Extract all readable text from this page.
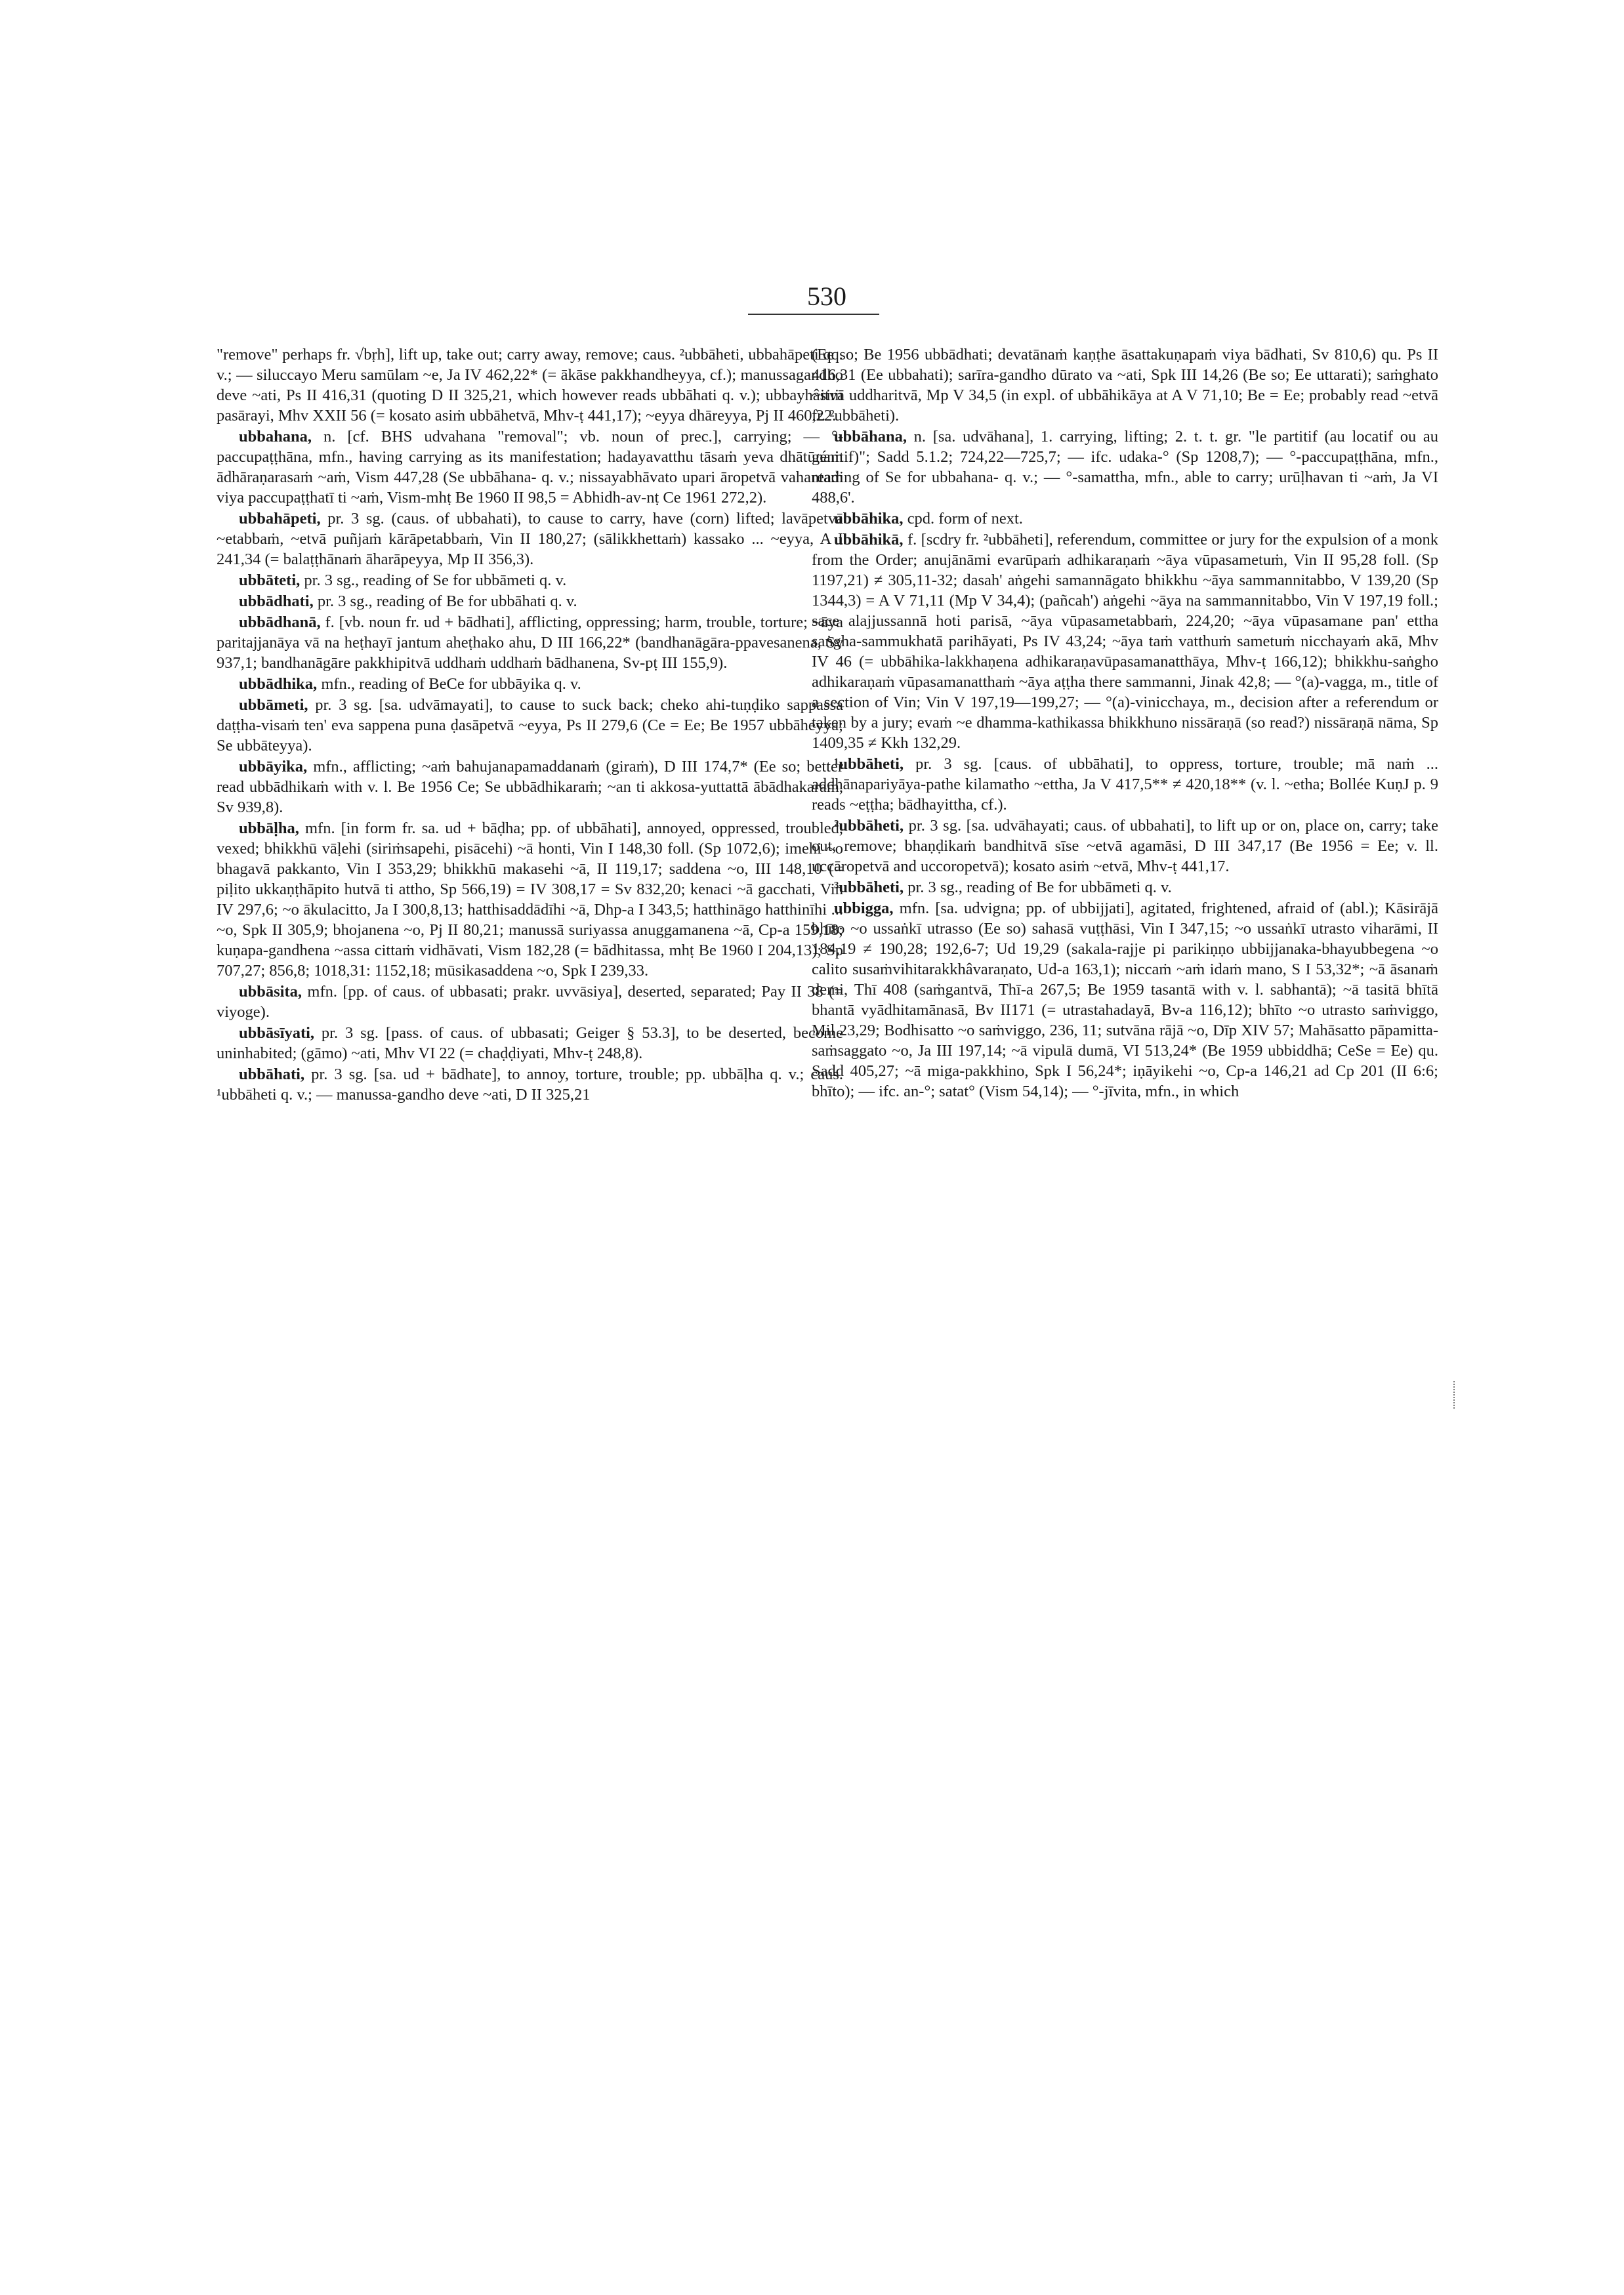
530

"remove" perhaps fr. √bṛh], lift up, take out; carry away, remove; caus. ²ubbāheti, ubbahāpeti qq. v.; — siluccayo Meru samūlam ~e, Ja IV 462,22* (= ākāse pakkhandheyya, cf.); manussagandho deve ~ati, Ps II 416,31 (quoting D II 325,21, which however reads ubbāhati q. v.); ubbayhâsiṁ pasārayi, Mhv XXII 56 (= kosato asiṁ ubbāhetvā, Mhv-ṭ 441,17); ~eyya dhāreyya, Pj II 460,22.

ubbahana, n. [cf. BHS udvahana "removal"; vb. noun of prec.], carrying; — °-paccupaṭṭhāna, mfn., having carrying as its manifestation; hadayavatthu tāsaṁ yeva dhātūnaṁ ādhāraṇarasaṁ ~aṁ, Vism 447,28 (Se ubbāhana- q. v.; nissayabhāvato upari āropetvā vahantaṁ viya paccupaṭṭhatī ti ~aṁ, Vism-mhṭ Be 1960 II 98,5 = Abhidh-av-nṭ Ce 1961 272,2).

ubbahāpeti, pr. 3 sg. (caus. of ubbahati), to cause to carry, have (corn) lifted; lavāpetvā ~etabbaṁ, ~etvā puñjaṁ kārāpetabbaṁ, Vin II 180,27; (sālikkhettaṁ) kassako ... ~eyya, A I 241,34 (= balaṭṭhānaṁ āharāpeyya, Mp II 356,3).

ubbāteti, pr. 3 sg., reading of Se for ubbāmeti q. v.

ubbādhati, pr. 3 sg., reading of Be for ubbāhati q. v.

ubbādhanā, f. [vb. noun fr. ud + bādhati], afflicting, oppressing; harm, trouble, torture; ~āya paritajjanāya vā na heṭhayī jantum aheṭhako ahu, D III 166,22* (bandhanāgāra-ppavesanena, Sv 937,1; bandhanāgāre pakkhipitvā uddhaṁ uddhaṁ bādhanena, Sv-pṭ III 155,9).

ubbādhika, mfn., reading of BeCe for ubbāyika q. v.

ubbāmeti, pr. 3 sg. [sa. udvāmayati], to cause to suck back; cheko ahi-tuṇḍiko sappassa daṭṭha-visaṁ ten' eva sappena puna ḍasāpetvā ~eyya, Ps II 279,6 (Ce = Ee; Be 1957 ubbāheyya; Se ubbāteyya).

ubbāyika, mfn., afflicting; ~aṁ bahujanapamaddanaṁ (giraṁ), D III 174,7* (Ee so; better read ubbādhikaṁ with v. l. Be 1956 Ce; Se ubbādhikaraṁ; ~an ti akkosa-yuttattā ābādhakaraṁ, Sv 939,8).

ubbāḷha, mfn. [in form fr. sa. ud + bāḍha; pp. of ubbāhati], annoyed, oppressed, troubled, vexed; bhikkhū vāḷehi (siriṁsapehi, pisācehi) ~ā honti, Vin I 148,30 foll. (Sp 1072,6); imehi ~o bhagavā pakkanto, Vin I 353,29; bhikkhū makasehi ~ā, II 119,17; saddena ~o, III 148,10 (= piḷito ukkaṇṭhāpito hutvā ti attho, Sp 566,19) = IV 308,17 = Sv 832,20; kenaci ~ā gacchati, Vin IV 297,6; ~o ākulacitto, Ja I 300,8,13; hatthisaddādīhi ~ā, Dhp-a I 343,5; hatthināgo hatthinīhi ... ~o, Spk II 305,9; bhojanena ~o, Pj II 80,21; manussā suriyassa anuggamanena ~ā, Cp-a 159,18; kuṇapa-gandhena ~assa cittaṁ vidhāvati, Vism 182,28 (= bādhitassa, mhṭ Be 1960 I 204,13); Sp 707,27; 856,8; 1018,31: 1152,18; mūsikasaddena ~o, Spk I 239,33.

ubbāsita, mfn. [pp. of caus. of ubbasati; prakr. uvvāsiya], deserted, separated; Pay II 38 (= viyoge).

ubbāsīyati, pr. 3 sg. [pass. of caus. of ubbasati; Geiger § 53.3], to be deserted, become uninhabited; (gāmo) ~ati, Mhv VI 22 (= chaḍḍiyati, Mhv-ṭ 248,8).

ubbāhati, pr. 3 sg. [sa. ud + bādhate], to annoy, torture, trouble; pp. ubbāḷha q. v.; caus. ¹ubbāheti q. v.; — manussa-gandho deve ~ati, D II 325,21

(Ee so; Be 1956 ubbādhati; devatānaṁ kaṇṭhe āsattakuṇapaṁ viya bādhati, Sv 810,6) qu. Ps II 416,31 (Ee ubbahati); sarīra-gandho dūrato va ~ati, Spk III 14,26 (Be so; Ee uttarati); saṁghato ~itvā uddharitvā, Mp V 34,5 (in expl. of ubbāhikāya at A V 71,10; Be = Ee; probably read ~etvā fr. ²ubbāheti).

ubbāhana, n. [sa. udvāhana], 1. carrying, lifting; 2. t. t. gr. "le partitif (au locatif ou au génitif)"; Sadd 5.1.2; 724,22—725,7; — ifc. udaka-° (Sp 1208,7); — °-paccupaṭṭhāna, mfn., reading of Se for ubbahana- q. v.; — °-samattha, mfn., able to carry; urūḷhavan ti ~aṁ, Ja VI 488,6'.

ubbāhika, cpd. form of next.

ubbāhikā, f. [scdry fr. ²ubbāheti], referendum, committee or jury for the expulsion of a monk from the Order; anujānāmi evarūpaṁ adhikaraṇaṁ ~āya vūpasametuṁ, Vin II 95,28 foll. (Sp 1197,21) ≠ 305,11-32; dasah' aṅgehi samannāgato bhikkhu ~āya sammannitabbo, V 139,20 (Sp 1344,3) = A V 71,11 (Mp V 34,4); (pañcah') aṅgehi ~āya na sammannitabbo, Vin V 197,19 foll.; sace alajjussannā hoti parisā, ~āya vūpasametabbaṁ, 224,20; ~āya vūpasamane pan' ettha saṅgha-sammukhatā parihāyati, Ps IV 43,24; ~āya taṁ vatthuṁ sametuṁ nicchayaṁ akā, Mhv IV 46 (= ubbāhika-lakkhaṇena adhikaraṇavūpasamanatthāya, Mhv-ṭ 166,12); bhikkhu-saṅgho adhikaraṇaṁ vūpasamanatthaṁ ~āya aṭṭha there sammanni, Jinak 42,8; — °(a)-vagga, m., title of a section of Vin; Vin V 197,19—199,27; — °(a)-vinicchaya, m., decision after a referendum or taken by a jury; evaṁ ~e dhamma-kathikassa bhikkhuno nissāraṇā (so read?) nissāraṇā nāma, Sp 1409,35 ≠ Kkh 132,29.

¹ubbāheti, pr. 3 sg. [caus. of ubbāhati], to oppress, torture, trouble; mā naṁ ... addhānapariyāya-pathe kilamatho ~ettha, Ja V 417,5** ≠ 420,18** (v. l. ~etha; Bollée KuṇJ p. 9 reads ~eṭṭha; bādhayittha, cf.).

²ubbāheti, pr. 3 sg. [sa. udvāhayati; caus. of ubbahati], to lift up or on, place on, carry; take out, remove; bhaṇḍikaṁ bandhitvā sīse ~etvā agamāsi, D III 347,17 (Be 1956 = Ee; v. ll. uccāropetvā and uccoropetvā); kosato asiṁ ~etvā, Mhv-ṭ 441,17.

³ubbāheti, pr. 3 sg., reading of Be for ubbāmeti q. v.

ubbigga, mfn. [sa. udvigna; pp. of ubbijjati], agitated, frightened, afraid of (abl.); Kāsirājā bhīto ~o ussaṅkī utrasso (Ee so) sahasā vuṭṭhāsi, Vin I 347,15; ~o ussaṅkī utrasto viharāmi, II 184,19 ≠ 190,28; 192,6-7; Ud 19,29 (sakala-rajje pi parikiṇṇo ubbijjanaka-bhayubbegena ~o calito susaṁvihitarakkhâvaraṇato, Ud-a 163,1); niccaṁ ~aṁ idaṁ mano, S I 53,32*; ~ā āsanaṁ demi, Thī 408 (saṁgantvā, Thī-a 267,5; Be 1959 tasantā with v. l. sabhantā); ~ā tasitā bhītā bhantā vyādhitamānasā, Bv II171 (= utrastahadayā, Bv-a 116,12); bhīto ~o utrasto saṁviggo, Mil 23,29; Bodhisatto ~o saṁviggo, 236, 11; sutvāna rājā ~o, Dīp XIV 57; Mahāsatto pāpamitta-saṁsaggato ~o, Ja III 197,14; ~ā vipulā dumā, VI 513,24* (Be 1959 ubbiddhā; CeSe = Ee) qu. Sadd 405,27; ~ā miga-pakkhino, Spk I 56,24*; iṇāyikehi ~o, Cp-a 146,21 ad Cp 201 (II 6:6; bhīto); — ifc. an-°; satat° (Vism 54,14); — °-jīvita, mfn., in which
